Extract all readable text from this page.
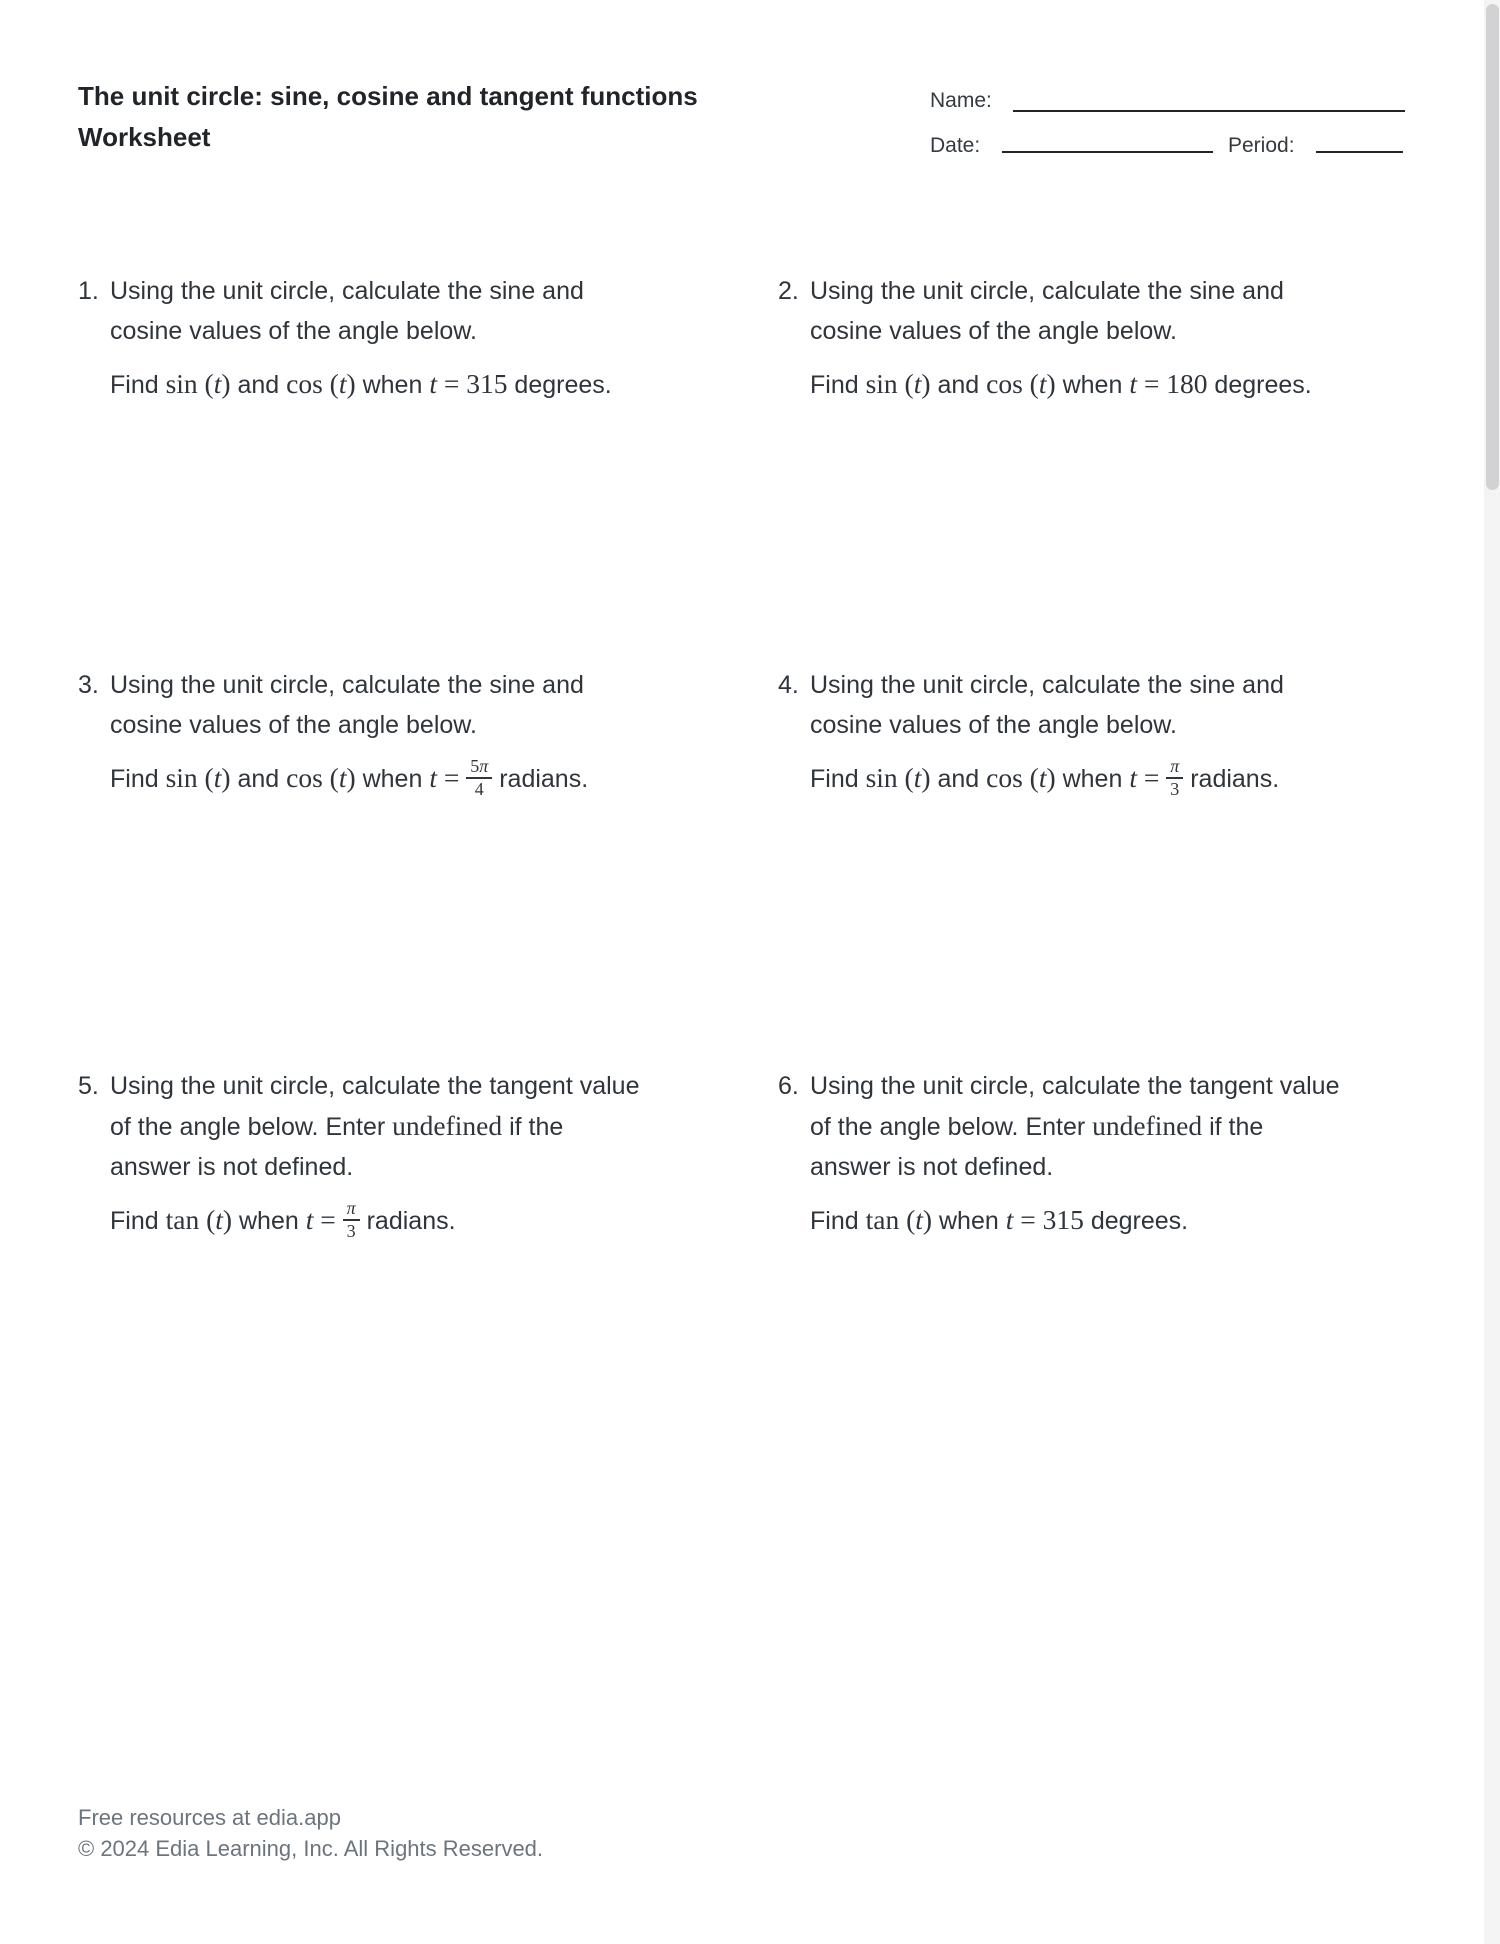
The unit circle: sine, cosine and tangent functions
Worksheet
Name:
Date:	Period:
1. Using the unit circle, calculate the sine and
cosine values of the angle below.
Find sin (t) and cos (t) when t = 315 degrees.
2. Using the unit circle, calculate the sine and
cosine values of the angle below.
Find sin (t) and cos (t) when t = 180 degrees.
3. Using the unit circle, calculate the sine and
cosine values of the angle below.
Find sin (t) and cos (t) when $t = \frac{5\pi}{4}$ radians.
4. Using the unit circle, calculate the sine and
cosine values of the angle below.
Find sin (t) and cos (t) when $t = \frac{\pi}{3}$ radians.
5. Using the unit circle, calculate the tangent value
of the angle below. Enter undefined if the
answer is not defined.
Find tan (t) when $t = \frac{\pi}{3}$ radians.
6. Using the unit circle, calculate the tangent value
of the angle below. Enter undefined if the
answer is not defined.
Find tan (t) when t = 315 degrees.
Free resources at edia.app
© 2024 Edia Learning, Inc. All Rights Reserved.
